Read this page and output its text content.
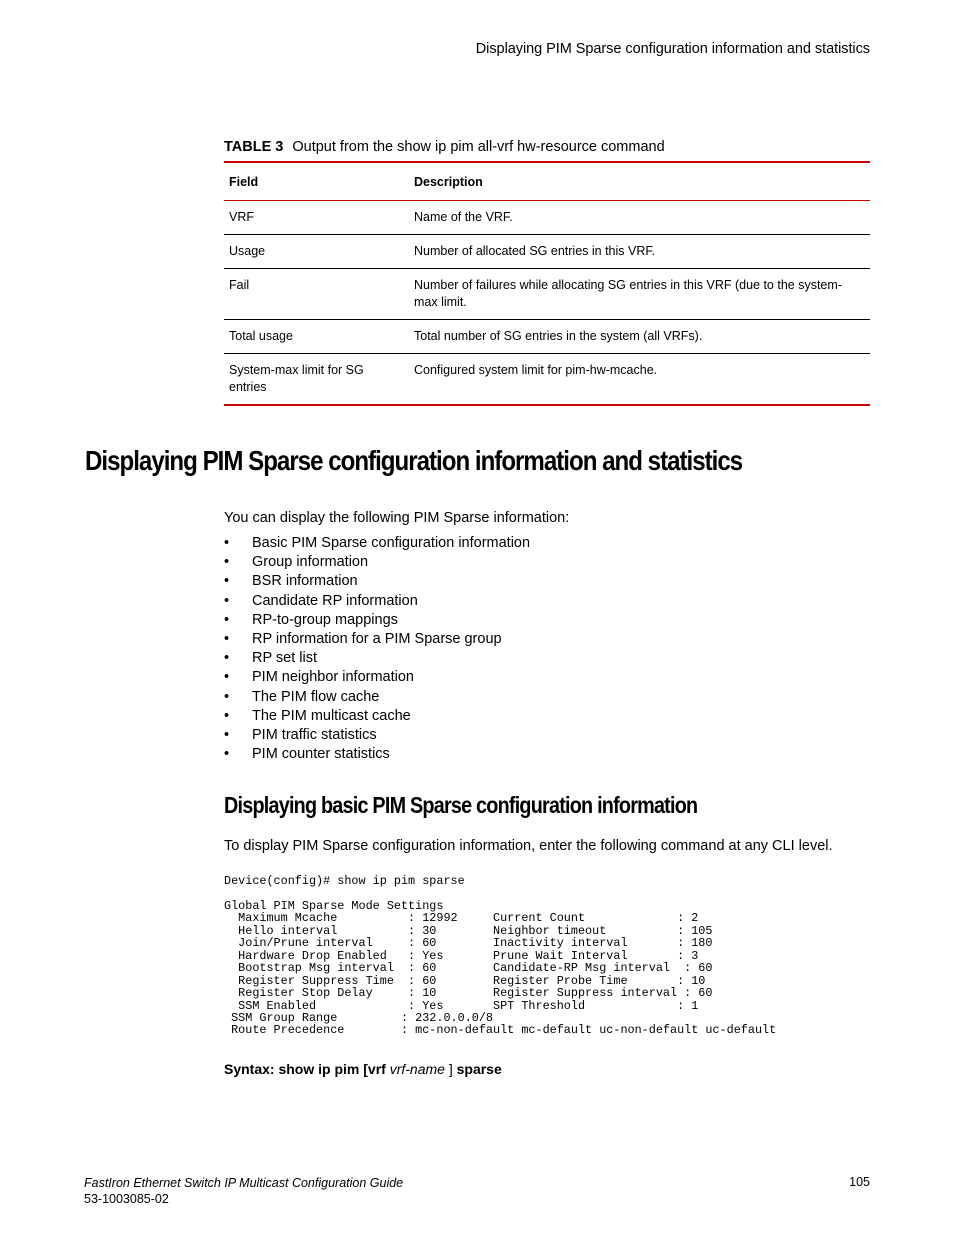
Displaying PIM Sparse configuration information and statistics
TABLE 3 Output from the show ip pim all-vrf hw-resource command
Field	Description
VRF	Name of the VRF.
Usage	Number of allocated SG entries in this VRF.
Fail	Number of failures while allocating SG entries in this VRF (due to the system-max limit.
Total usage	Total number of SG entries in the system (all VRFs).
System-max limit for SG entries	Configured system limit for pim-hw-mcache.
Displaying PIM Sparse configuration information and statistics
You can display the following PIM Sparse information:
• Basic PIM Sparse configuration information
• Group information
• BSR information
• Candidate RP information
• RP-to-group mappings
• RP information for a PIM Sparse group
• RP set list
• PIM neighbor information
• The PIM flow cache
• The PIM multicast cache
• PIM traffic statistics
• PIM counter statistics
Displaying basic PIM Sparse configuration information
To display PIM Sparse configuration information, enter the following command at any CLI level.
Device(config)# show ip pim sparse

Global PIM Sparse Mode Settings
Maximum Mcache          : 12992     Current Count             : 2
Hello interval          : 30        Neighbor timeout          : 105
Join/Prune interval     : 60        Inactivity interval       : 180
Hardware Drop Enabled   : Yes       Prune Wait Interval       : 3
Bootstrap Msg interval  : 60        Candidate-RP Msg interval  : 60
Register Suppress Time  : 60        Register Probe Time       : 10
Register Stop Delay     : 10        Register Suppress interval : 60
SSM Enabled             : Yes       SPT Threshold             : 1
SSM Group Range         : 232.0.0.0/8
Route Precedence        : mc-non-default mc-default uc-non-default uc-default
Syntax: show ip pim [vrf vrf-name ] sparse
FastIron Ethernet Switch IP Multicast Configuration Guide
53-1003085-02
105
